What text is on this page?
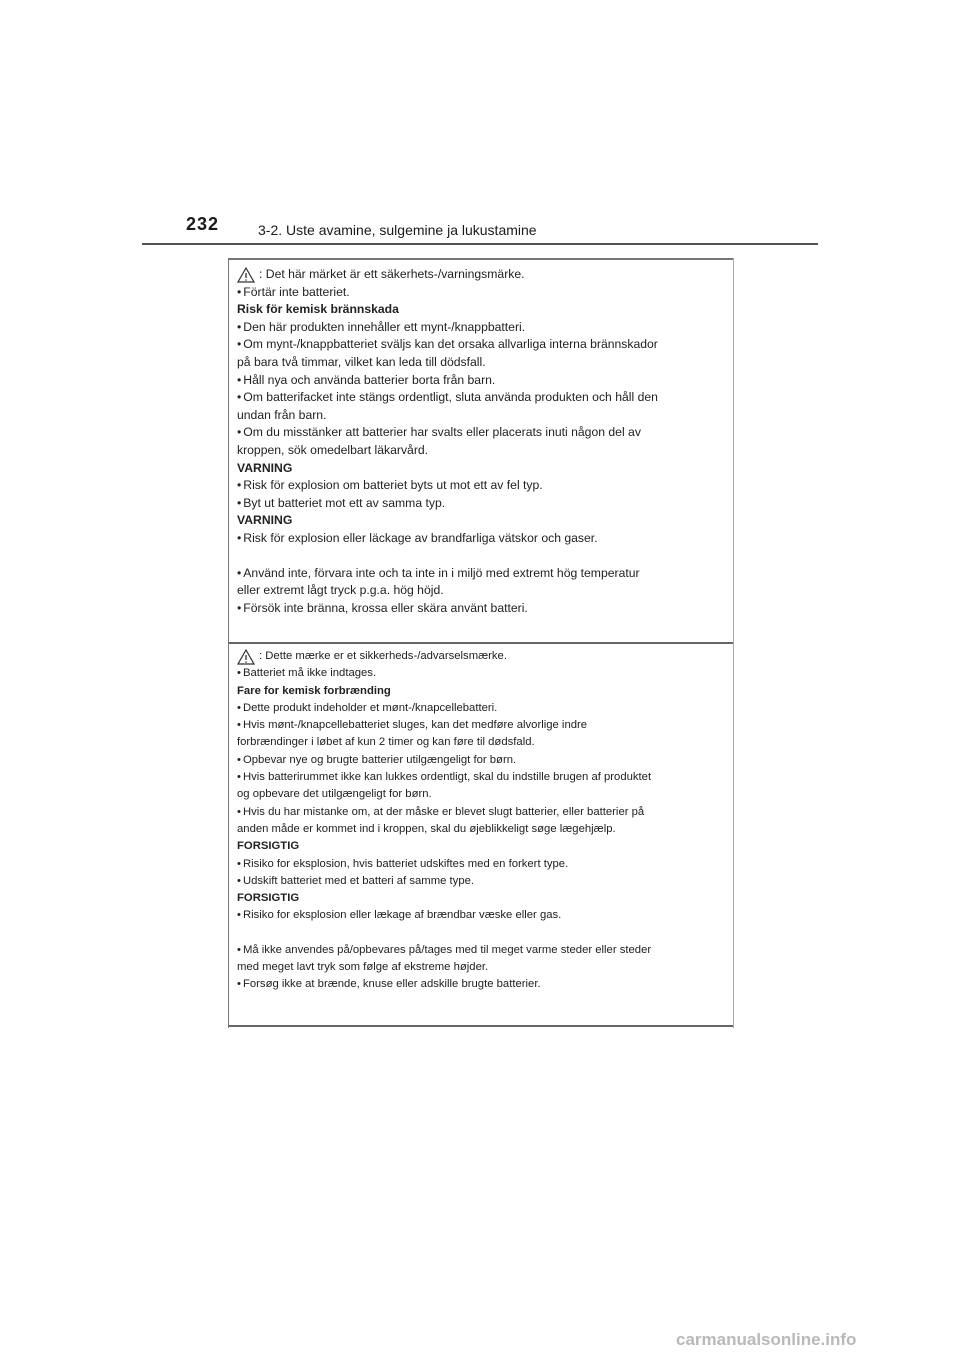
232	3-2. Uste avamine, sulgemine ja lukustamine
: Det här märket är ett säkerhets-/varningsmärke.
• Förtär inte batteriet.
Risk för kemisk brännskada
• Den här produkten innehåller ett mynt-/knappbatteri.
• Om mynt-/knappbatteriet sväljs kan det orsaka allvarliga interna brännskador
på bara två timmar, vilket kan leda till dödsfall.
• Håll nya och använda batterier borta från barn.
• Om batterifacket inte stängs ordentligt, sluta använda produkten och håll den
undan från barn.
• Om du misstänker att batterier har svalts eller placerats inuti någon del av
kroppen, sök omedelbart läkarvård.
VARNING
• Risk för explosion om batteriet byts ut mot ett av fel typ.
• Byt ut batteriet mot ett av samma typ.
VARNING
• Risk för explosion eller läckage av brandfarliga vätskor och gaser.
• Använd inte, förvara inte och ta inte in i miljö med extremt hög temperatur
eller extremt lågt tryck p.g.a. hög höjd.
• Försök inte bränna, krossa eller skära använt batteri.
: Dette mærke er et sikkerheds-/advarselsmærke.
• Batteriet må ikke indtages.
Fare for kemisk forbrænding
• Dette produkt indeholder et mønt-/knapcellebatteri.
• Hvis mønt-/knapcellebatteriet sluges, kan det medføre alvorlige indre
forbrændinger i løbet af kun 2 timer og kan føre til dødsfald.
• Opbevar nye og brugte batterier utilgængeligt for børn.
• Hvis batterirummet ikke kan lukkes ordentligt, skal du indstille brugen af produktet
og opbevare det utilgængeligt for børn.
• Hvis du har mistanke om, at der måske er blevet slugt batterier, eller batterier på
anden måde er kommet ind i kroppen, skal du øjeblikkeligt søge lægehjælp.
FORSIGTIG
• Risiko for eksplosion, hvis batteriet udskiftes med en forkert type.
• Udskift batteriet med et batteri af samme type.
FORSIGTIG
• Risiko for eksplosion eller lækage af brændbar væske eller gas.
• Må ikke anvendes på/opbevares på/tages med til meget varme steder eller steder
med meget lavt tryk som følge af ekstreme højder.
• Forsøg ikke at brænde, knuse eller adskille brugte batterier.
carmanualsonline.info
